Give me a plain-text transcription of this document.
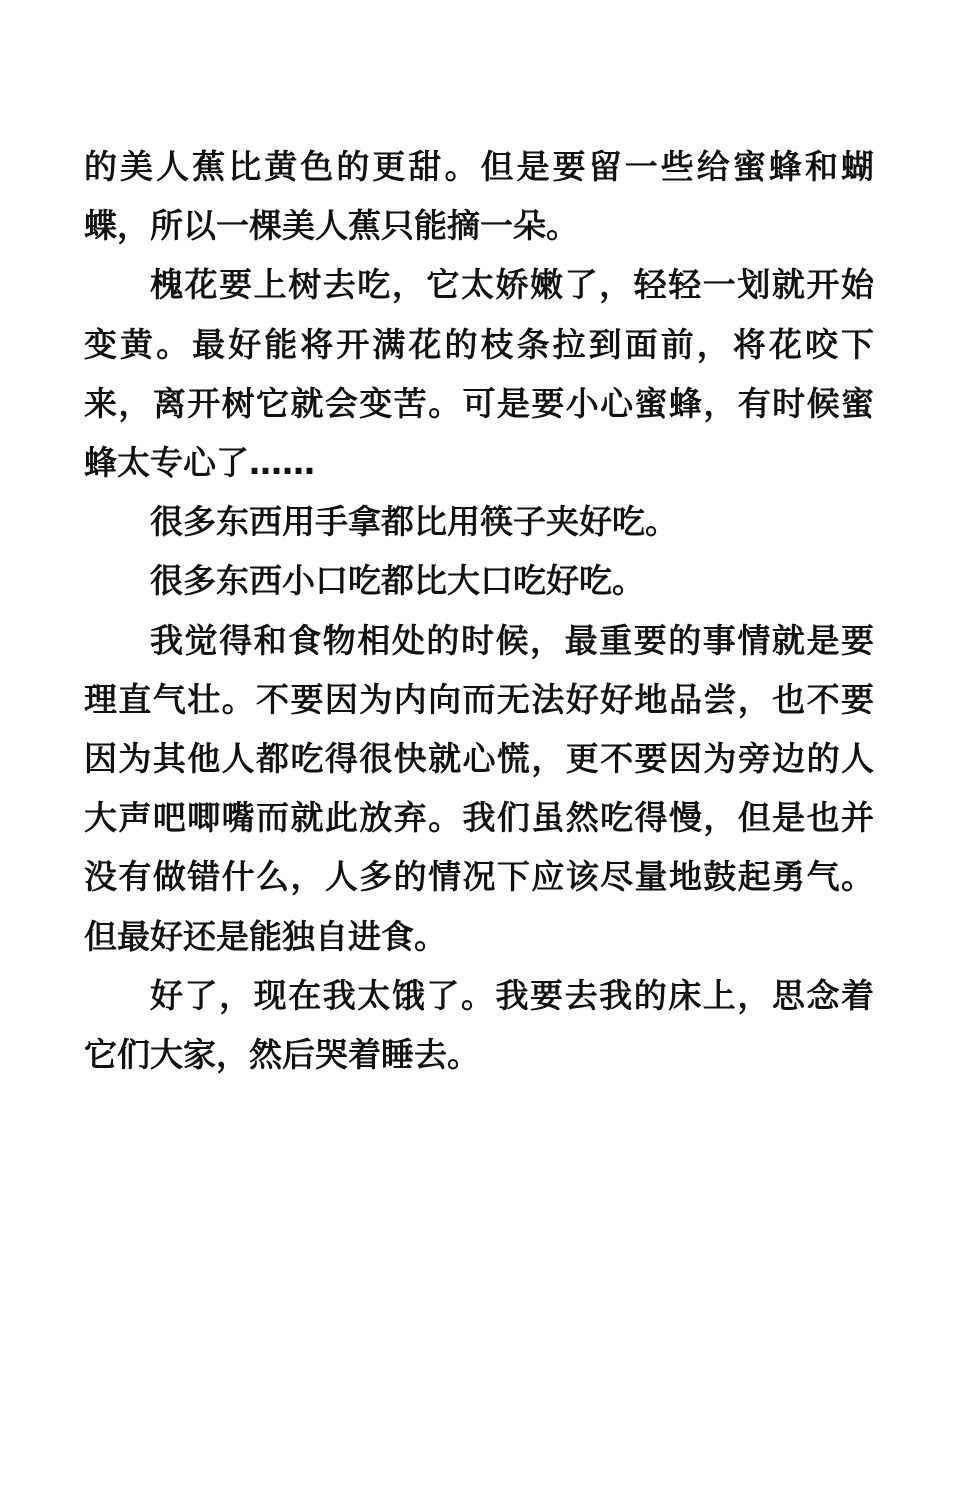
的美人蕉比黄色的更甜。但是要留一些给蜜蜂和蝴蝶，所以一棵美人蕉只能摘一朵。

槐花要上树去吃，它太娇嫩了，轻轻一划就开始变黄。最好能将开满花的枝条拉到面前，将花咬下来，离开树它就会变苦。可是要小心蜜蜂，有时候蜜蜂太专心了……

很多东西用手拿都比用筷子夹好吃。

很多东西小口吃都比大口吃好吃。

我觉得和食物相处的时候，最重要的事情就是要理直气壮。不要因为内向而无法好好地品尝，也不要因为其他人都吃得很快就心慌，更不要因为旁边的人大声吧唧嘴而就此放弃。我们虽然吃得慢，但是也并没有做错什么，人多的情况下应该尽量地鼓起勇气。但最好还是能独自进食。

好了，现在我太饿了。我要去我的床上，思念着它们大家，然后哭着睡去。
